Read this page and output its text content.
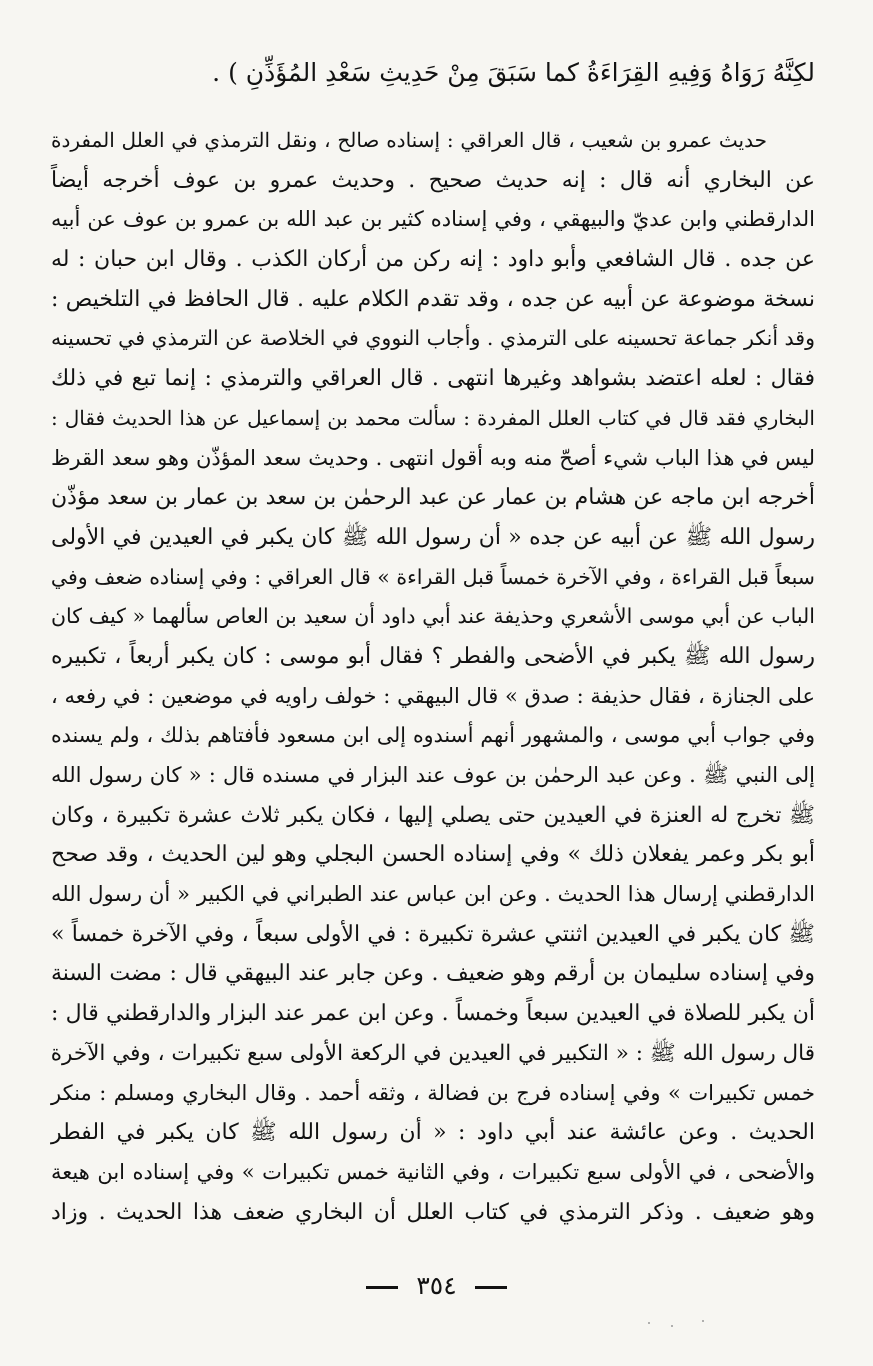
لكِنَّهُ رَوَاهُ وَفِيهِ القِرَاءَةُ كما سَبَقَ مِنْ حَدِيثِ سَعْدِ المُؤَذِّنِ ) .
حديث عمرو بن شعيب ، قال العراقي : إسناده صالح ، ونقل الترمذي في العلل المفردة
عن البخاري أنه قال : إنه حديث صحيح . وحديث عمرو بن عوف أخرجه أيضاً
الدارقطني وابن عديّ والبيهقي ، وفي إسناده كثير بن عبد الله بن عمرو بن عوف عن أبيه
عن جده . قال الشافعي وأبو داود : إنه ركن من أركان الكذب . وقال ابن حبان : له
نسخة موضوعة عن أبيه عن جده ، وقد تقدم الكلام عليه . قال الحافظ في التلخيص :
وقد أنكر جماعة تحسينه على الترمذي . وأجاب النووي في الخلاصة عن الترمذي في تحسينه
فقال : لعله اعتضد بشواهد وغيرها انتهى . قال العراقي والترمذي : إنما تبع في ذلك
البخاري فقد قال في كتاب العلل المفردة : سألت محمد بن إسماعيل عن هذا الحديث فقال :
ليس في هذا الباب شيء أصحّ منه وبه أقول انتهى . وحديث سعد المؤذّن وهو سعد القرظ
أخرجه ابن ماجه عن هشام بن عمار عن عبد الرحمٰن بن سعد بن عمار بن سعد مؤذّن
رسول الله ﷺ عن أبيه عن جده « أن رسول الله ﷺ كان يكبر في العيدين في الأولى
سبعاً قبل القراءة ، وفي الآخرة خمساً قبل القراءة » قال العراقي : وفي إسناده ضعف وفي
الباب عن أبي موسى الأشعري وحذيفة عند أبي داود أن سعيد بن العاص سألهما « كيف كان
رسول الله ﷺ يكبر في الأضحى والفطر ؟ فقال أبو موسى : كان يكبر أربعاً ، تكبيره
على الجنازة ، فقال حذيفة : صدق » قال البيهقي : خولف راويه في موضعين : في رفعه ،
وفي جواب أبي موسى ، والمشهور أنهم أسندوه إلى ابن مسعود فأفتاهم بذلك ، ولم يسنده
إلى النبي ﷺ . وعن عبد الرحمٰن بن عوف عند البزار في مسنده قال : « كان رسول الله
ﷺ تخرج له العنزة في العيدين حتى يصلي إليها ، فكان يكبر ثلاث عشرة تكبيرة ، وكان
أبو بكر وعمر يفعلان ذلك » وفي إسناده الحسن البجلي وهو لين الحديث ، وقد صحح
الدارقطني إرسال هذا الحديث . وعن ابن عباس عند الطبراني في الكبير « أن رسول الله
ﷺ كان يكبر في العيدين اثنتي عشرة تكبيرة : في الأولى سبعاً ، وفي الآخرة خمساً »
وفي إسناده سليمان بن أرقم وهو ضعيف . وعن جابر عند البيهقي قال : مضت السنة
أن يكبر للصلاة في العيدين سبعاً وخمساً . وعن ابن عمر عند البزار والدارقطني قال :
قال رسول الله ﷺ : « التكبير في العيدين في الركعة الأولى سبع تكبيرات ، وفي الآخرة
خمس تكبيرات » وفي إسناده فرج بن فضالة ، وثقه أحمد . وقال البخاري ومسلم : منكر
الحديث . وعن عائشة عند أبي داود : « أن رسول الله ﷺ كان يكبر في الفطر
والأضحى ، في الأولى سبع تكبيرات ، وفي الثانية خمس تكبيرات » وفي إسناده ابن هيعة
وهو ضعيف . وذكر الترمذي في كتاب العلل أن البخاري ضعف هذا الحديث . وزاد
٣٥٤
